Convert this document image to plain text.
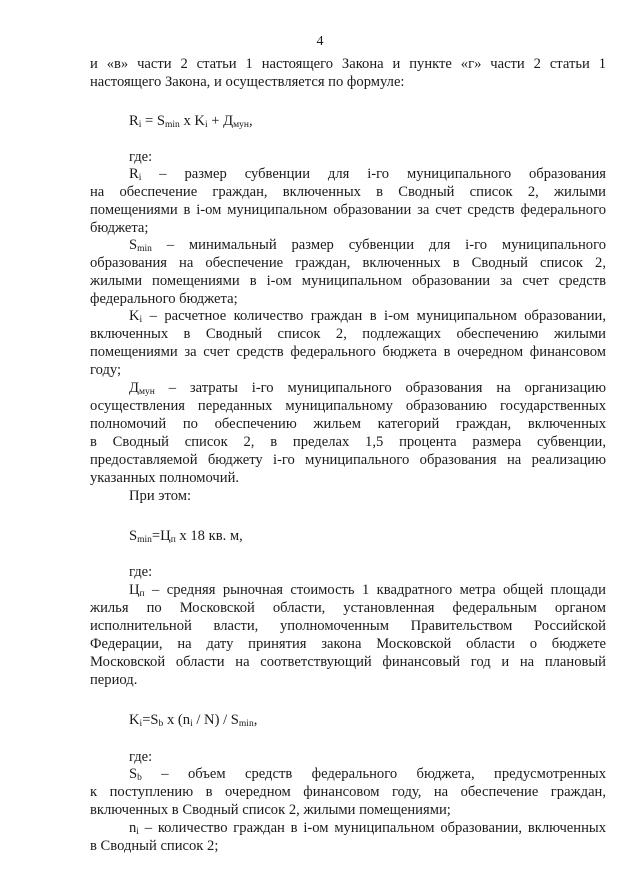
4
и «в» части 2 статьи 1 настоящего Закона и пункте «г» части 2 статьи 1
настоящего Закона, и осуществляется по формуле:
$R_i = S_{min}$ x $K_i + Д_{мун}$,
где:
$R_i$ – размер субвенции для i-го муниципального образования
на обеспечение граждан, включенных в Сводный список 2, жилыми
помещениями в i-ом муниципальном образовании за счет средств федерального
бюджета;
$S_{min}$ – минимальный размер субвенции для i-го муниципального
образования на обеспечение граждан, включенных в Сводный список 2,
жилыми помещениями в i-ом муниципальном образовании за счет средств
федерального бюджета;
$K_i$ – расчетное количество граждан в i-ом муниципальном образовании,
включенных в Сводный список 2, подлежащих обеспечению жилыми
помещениями за счет средств федерального бюджета в очередном финансовом
году;
$Д_{мун}$ – затраты i-го муниципального образования на организацию
осуществления переданных муниципальному образованию государственных
полномочий по обеспечению жильем категорий граждан, включенных
в Сводный список 2, в пределах 1,5 процента размера субвенции,
предоставляемой бюджету i-го муниципального образования на реализацию
указанных полномочий.
При этом:
$S_{min}=Ц_п$ x 18 кв. м,
где:
$Ц_п$ – средняя рыночная стоимость 1 квадратного метра общей площади
жилья по Московской области, установленная федеральным органом
исполнительной власти, уполномоченным Правительством Российской
Федерации, на дату принятия закона Московской области о бюджете
Московской области на соответствующий финансовый год и на плановый
период.
$K_i=S_b$ x $(n_i / N) / S_{min}$,
где:
$S_b$ – объем средств федерального бюджета, предусмотренных
к поступлению в очередном финансовом году, на обеспечение граждан,
включенных в Сводный список 2, жилыми помещениями;
$n_i$ – количество граждан в i-ом муниципальном образовании, включенных
в Сводный список 2;
